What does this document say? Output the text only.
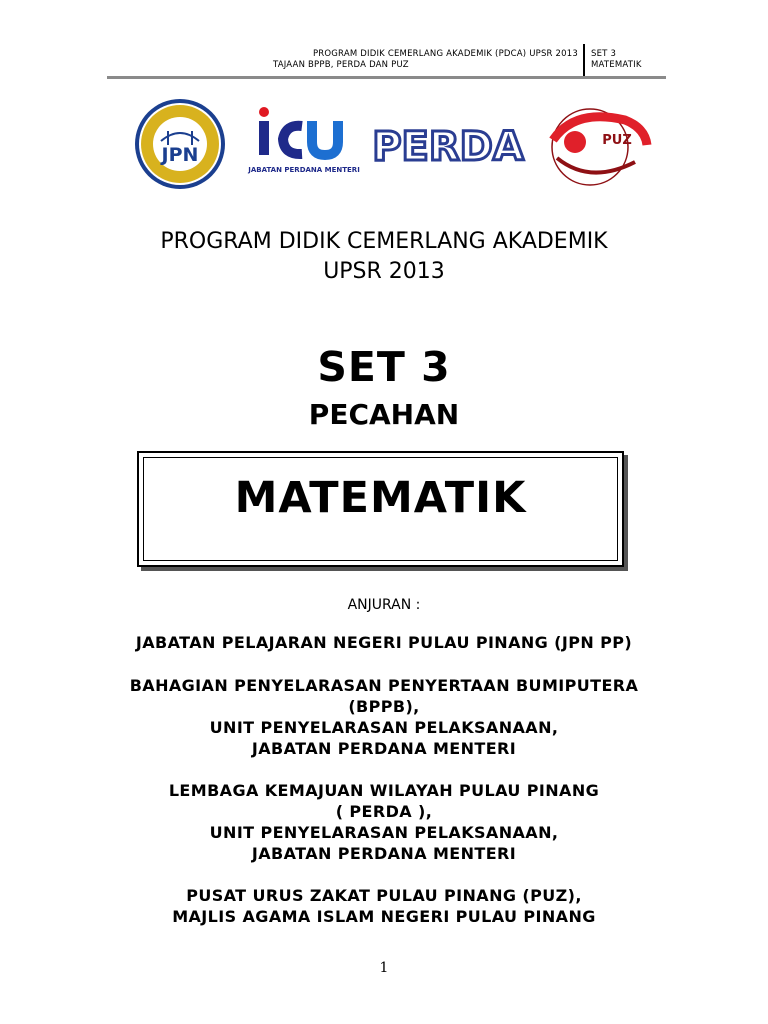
PROGRAM DIDIK CEMERLANG AKADEMIK (PDCA) UPSR 2013
TAJAAN BPPB, PERDA DAN PUZ
SET 3
MATEMATIK
JPN
JABATAN PERDANA MENTERI PERDA	PUZ
PROGRAM DIDIK CEMERLANG AKADEMIK
UPSR 2013
SET 3
PECAHAN
MATEMATIK
ANJURAN :
JABATAN PELAJARAN NEGERI PULAU PINANG (JPN PP)
BAHAGIAN PENYELARASAN PENYERTAAN BUMIPUTERA
(BPPB),
UNIT PENYELARASAN PELAKSANAAN,
JABATAN PERDANA MENTERI
LEMBAGA KEMAJUAN WILAYAH PULAU PINANG
( PERDA ),
UNIT PENYELARASAN PELAKSANAAN,
JABATAN PERDANA MENTERI
PUSAT URUS ZAKAT PULAU PINANG (PUZ),
MAJLIS AGAMA ISLAM NEGERI PULAU PINANG
1
